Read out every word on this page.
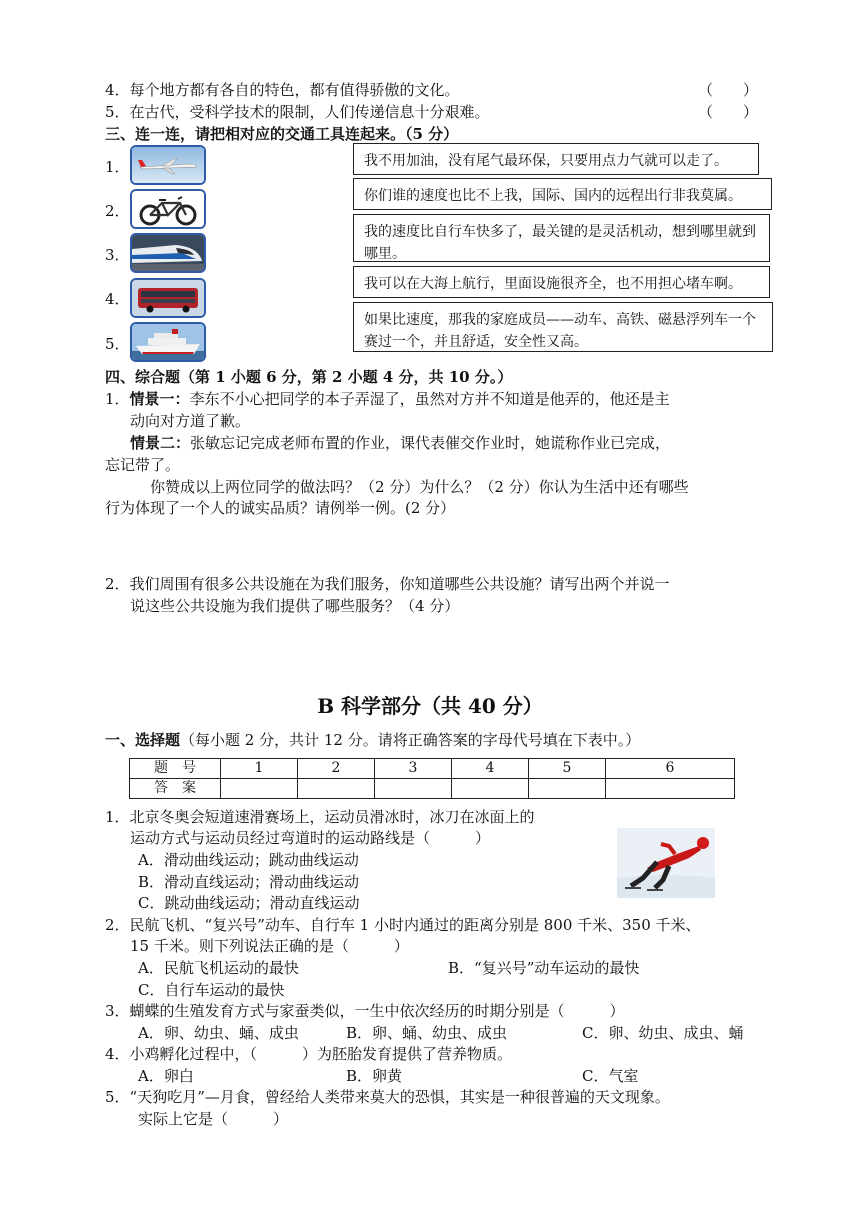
4．每个地方都有各自的特色，都有值得骄傲的文化。	（　　）
5．在古代，受科学技术的限制，人们传递信息十分艰难。	（　　）
三、连一连，请把相对应的交通工具连起来。（5 分）
1．
2．
3．
4．
5．
我不用加油，没有尾气最环保，只要用点力气就可以走了。
你们谁的速度也比不上我，国际、国内的远程出行非我莫属。
我的速度比自行车快多了，最关键的是灵活机动，想到哪里就到哪里。
我可以在大海上航行，里面设施很齐全，也不用担心堵车啊。
如果比速度，那我的家庭成员——动车、高铁、磁悬浮列车一个赛过一个，并且舒适，安全性又高。
四、综合题（第 1 小题 6 分，第 2 小题 4 分，共 10 分。）
1．情景一：李东不小心把同学的本子弄湿了，虽然对方并不知道是他弄的，他还是主
动向对方道了歉。
情景二：张敏忘记完成老师布置的作业，课代表催交作业时，她谎称作业已完成，
忘记带了。
你赞成以上两位同学的做法吗？（2 分）为什么？（2 分）你认为生活中还有哪些
行为体现了一个人的诚实品质？请例举一例。(2 分）
2．我们周围有很多公共设施在为我们服务，你知道哪些公共设施？请写出两个并说一
说这些公共设施为我们提供了哪些服务？（4 分）
B 科学部分（共 40 分）
一、选择题（每小题 2 分，共计 12 分。请将正确答案的字母代号填在下表中。）
题　号	1	2	3	4	5	6
答　案						
1．北京冬奥会短道速滑赛场上，运动员滑冰时，冰刀在冰面上的
运动方式与运动员经过弯道时的运动路线是（　　　）
A．滑动曲线运动；跳动曲线运动
B．滑动直线运动；滑动曲线运动
C．跳动曲线运动；滑动直线运动
2．民航飞机、“复兴号”动车、自行车 1 小时内通过的距离分别是 800 千米、350 千米、
15 千米。则下列说法正确的是（　　　）
A．民航飞机运动的最快	B．“复兴号”动车运动的最快
C．自行车运动的最快
3．蝴蝶的生殖发育方式与家蚕类似，一生中依次经历的时期分别是（　　　）
A．卵、幼虫、蛹、成虫	B．卵、蛹、幼虫、成虫	C．卵、幼虫、成虫、蛹
4．小鸡孵化过程中，（　　　）为胚胎发育提供了营养物质。
A．卵白	B．卵黄	C．气室
5．“天狗吃月”—月食，曾经给人类带来莫大的恐惧，其实是一种很普遍的天文现象。
实际上它是（　　　）
